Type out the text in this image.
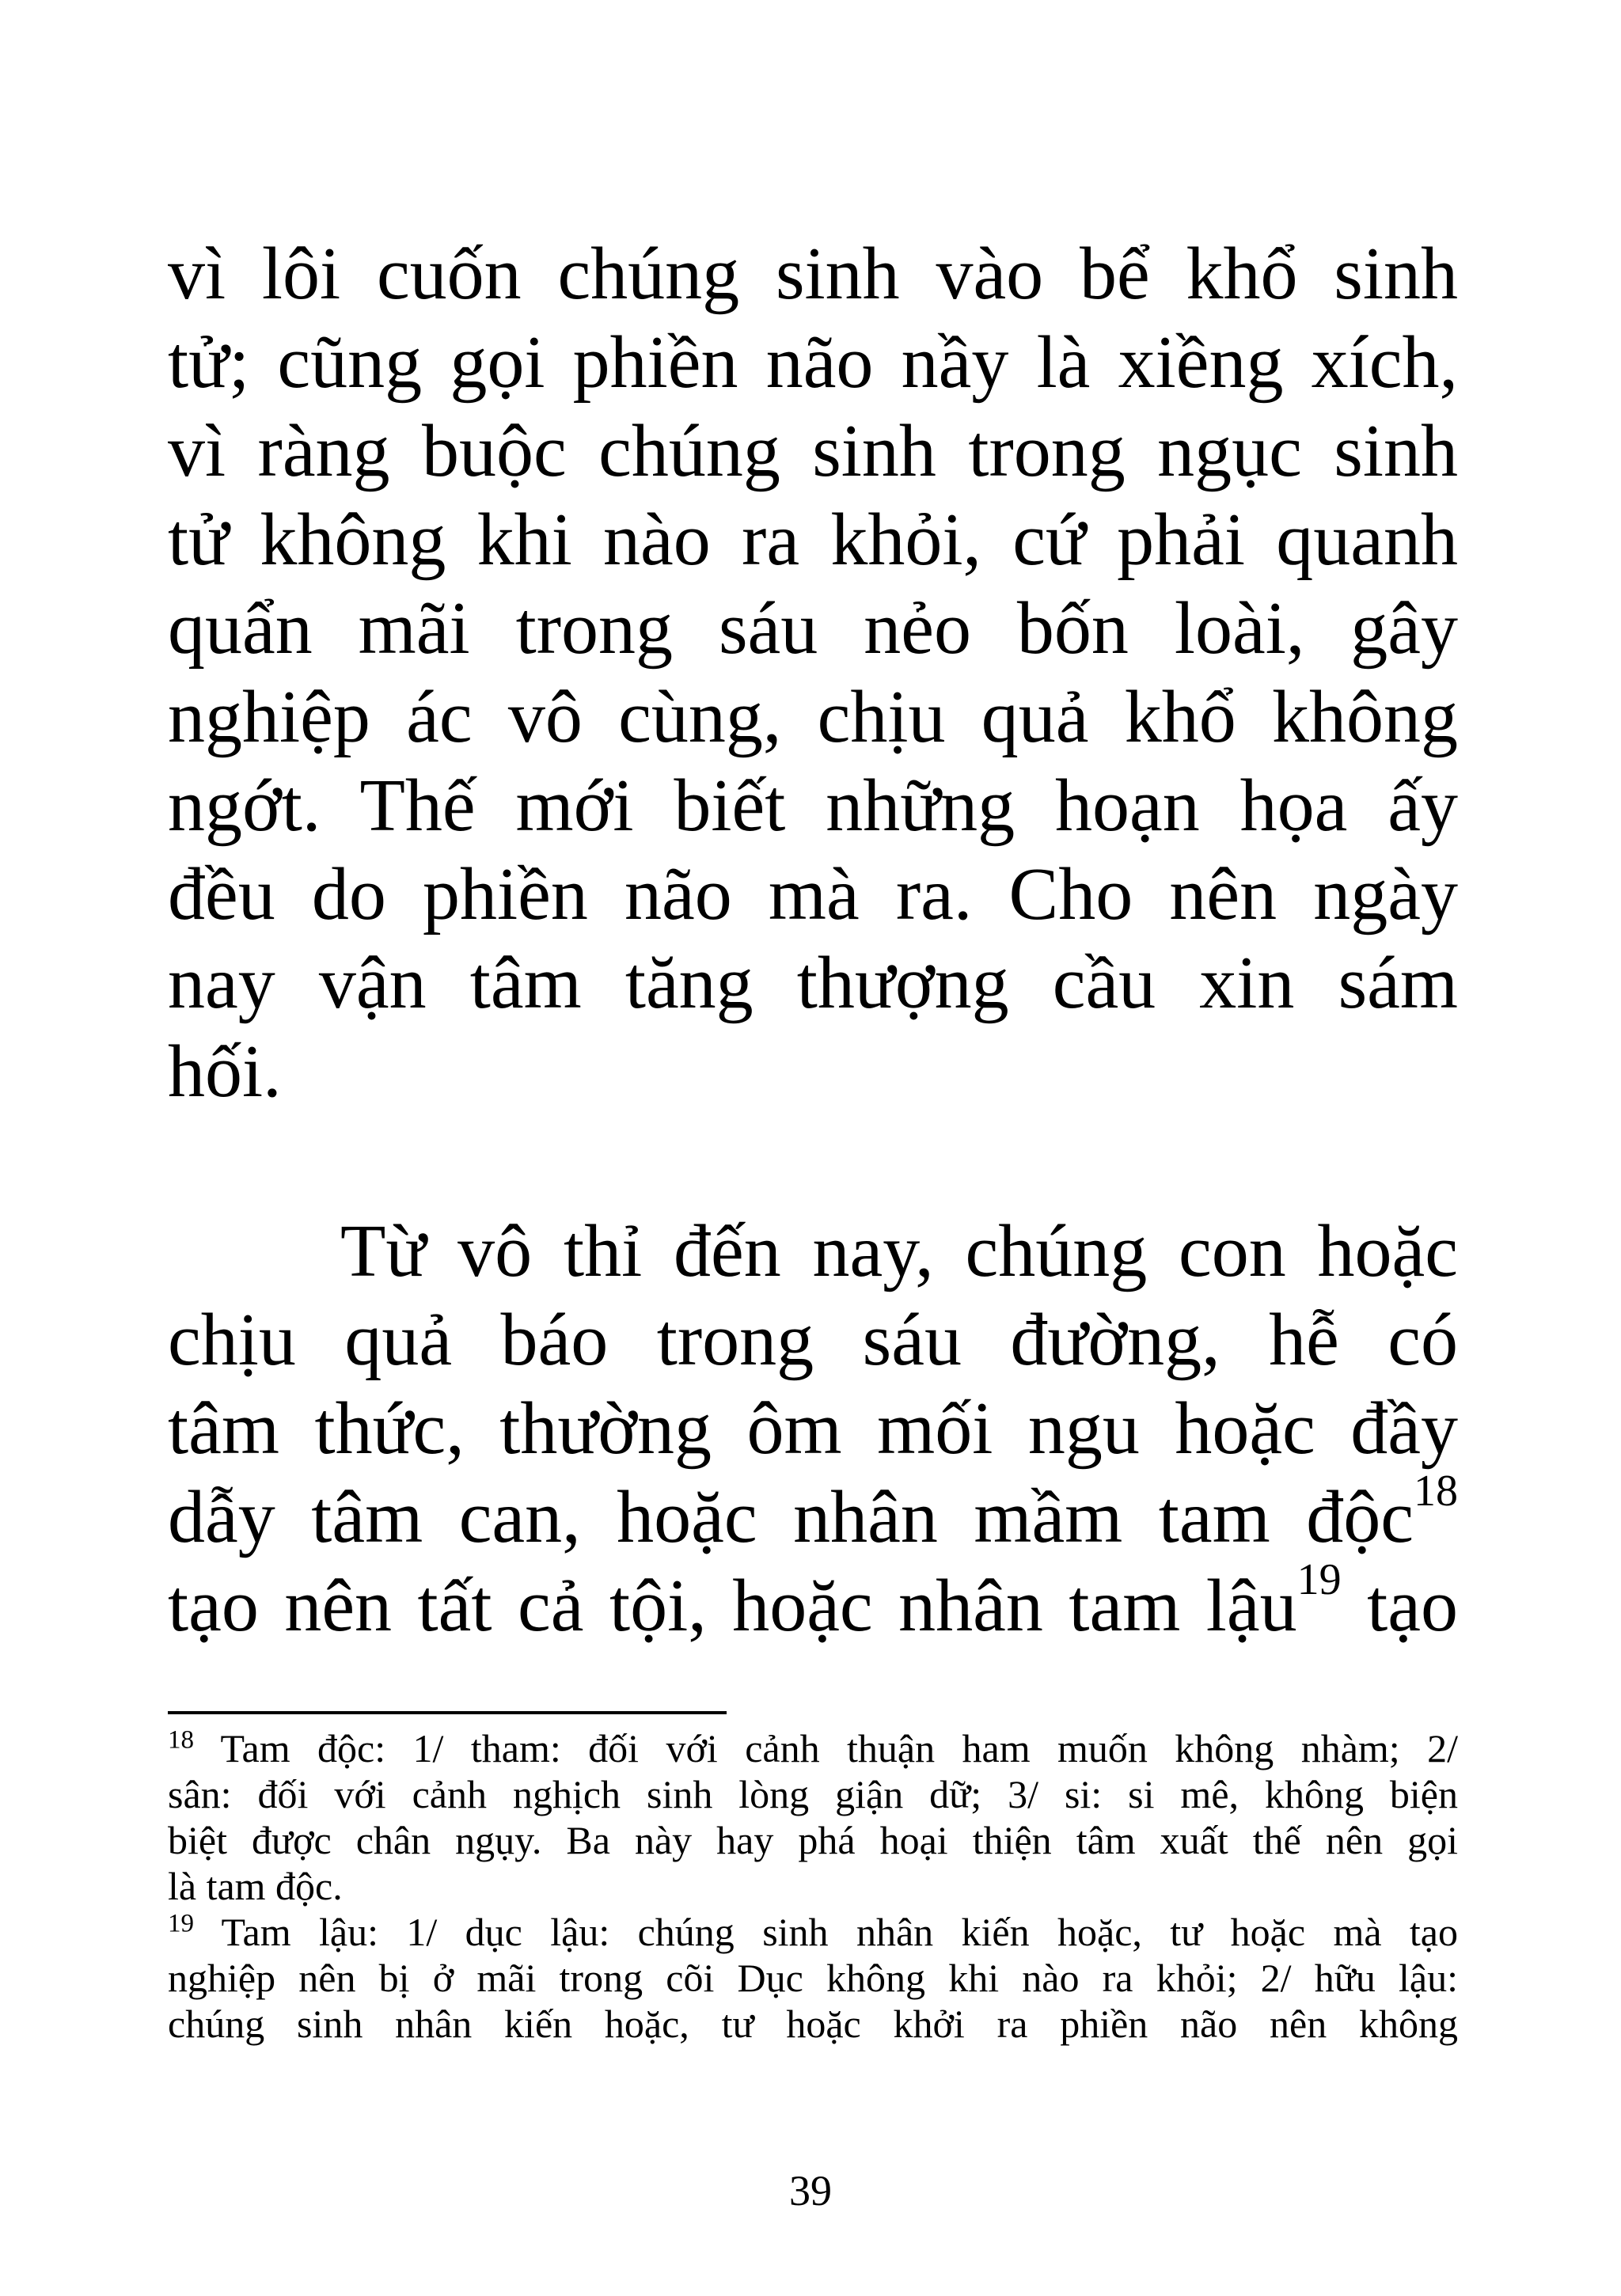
vì lôi cuốn chúng sinh vào bể khổ sinh
tử; cũng gọi phiền não nầy là xiềng xích,
vì ràng buộc chúng sinh trong ngục sinh
tử không khi nào ra khỏi, cứ phải quanh
quẩn mãi trong sáu nẻo bốn loài, gây
nghiệp ác vô cùng, chịu quả khổ không
ngớt. Thế mới biết những hoạn họa ấy
đều do phiền não mà ra. Cho nên ngày
nay vận tâm tăng thượng cầu xin sám
hối.
Từ vô thỉ đến nay, chúng con hoặc
chịu quả báo trong sáu đường, hễ có
tâm thức, thường ôm mối ngu hoặc đầy
dẫy tâm can, hoặc nhân mầm tam độc$^{18}$
tạo nên tất cả tội, hoặc nhân tam lậu$^{19}$ tạo
$^{18}$ Tam độc: 1/ tham: đối với cảnh thuận ham muốn không nhàm; 2/
sân: đối với cảnh nghịch sinh lòng giận dữ; 3/ si: si mê, không biện
biệt được chân ngụy. Ba này hay phá hoại thiện tâm xuất thế nên gọi
là tam độc.
$^{19}$ Tam lậu: 1/ dục lậu: chúng sinh nhân kiến hoặc, tư hoặc mà tạo
nghiệp nên bị ở mãi trong cõi Dục không khi nào ra khỏi; 2/ hữu lậu:
chúng sinh nhân kiến hoặc, tư hoặc khởi ra phiền não nên không
39
